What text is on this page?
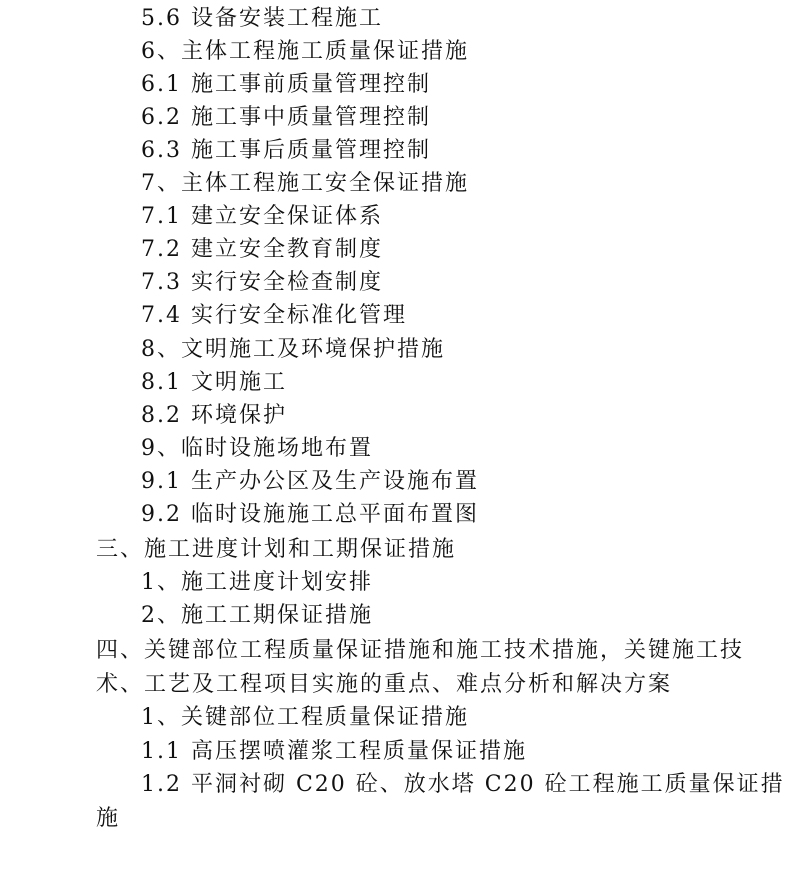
5.6 设备安装工程施工
6、主体工程施工质量保证措施
6.1 施工事前质量管理控制
6.2 施工事中质量管理控制
6.3 施工事后质量管理控制
7、主体工程施工安全保证措施
7.1 建立安全保证体系
7.2 建立安全教育制度
7.3 实行安全检查制度
7.4 实行安全标准化管理
8、文明施工及环境保护措施
8.1 文明施工
8.2 环境保护
9、临时设施场地布置
9.1 生产办公区及生产设施布置
9.2 临时设施施工总平面布置图
三、施工进度计划和工期保证措施
1、施工进度计划安排
2、施工工期保证措施
四、关键部位工程质量保证措施和施工技术措施，关键施工技
术、工艺及工程项目实施的重点、难点分析和解决方案
1、关键部位工程质量保证措施
1.1 高压摆喷灌浆工程质量保证措施
1.2 平洞衬砌 C20 砼、放水塔 C20 砼工程施工质量保证措
施
